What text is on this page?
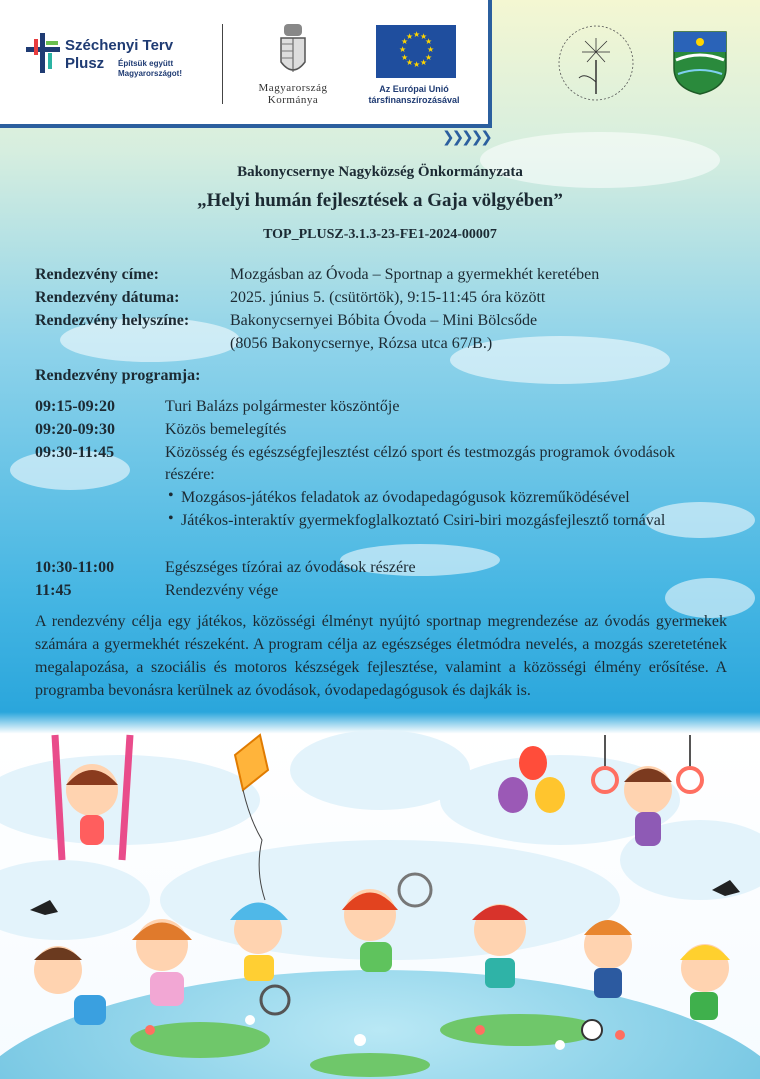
Széchenyi Terv
Plusz Építsük együtt Magyarországot!
Magyarország Kormánya
★ ★
★
★
★
★
★
★
★
★
★
★
Az Európai Unió társfinanszírozásával
❯❯❯❯❯
Bakonycsernye Nagyközség Önkormányzata
„Helyi humán fejlesztések a Gaja völgyében”
TOP_PLUSZ-3.1.3-23-FE1-2024-00007
Rendezvény címe:	Mozgásban az Óvoda – Sportnap a gyermekhét keretében
Rendezvény dátuma:	2025. június 5. (csütörtök), 9:15-11:45 óra között
Rendezvény helyszíne:	Bakonycsernyei Bóbita Óvoda – Mini Bölcsőde
(8056 Bakonycsernye, Rózsa utca 67/B.)
Rendezvény programja:
09:15-09:20	Turi Balázs polgármester köszöntője
09:20-09:30	Közös bemelegítés
09:30-11:45	Közösség és egészségfejlesztést célzó sport és testmozgás programok óvodások részére:
• Mozgásos-játékos feladatok az óvodapedagógusok közreműködésével
• Játékos-interaktív gyermekfoglalkoztató Csiri-biri mozgásfejlesztő tornával
10:30-11:00	Egészséges tízórai az óvodások részére
11:45	Rendezvény vége
A rendezvény célja egy játékos, közösségi élményt nyújtó sportnap megrendezése az óvodás gyermekek számára a gyermekhét részeként. A program célja az egészséges életmódra nevelés, a mozgás szeretetének megalapozása, a szociális és motoros készségek fejlesztése, valamint a közösségi élmény erősítése. A programba bevonásra kerülnek az óvodások, óvodapedagógusok és dajkák is.
